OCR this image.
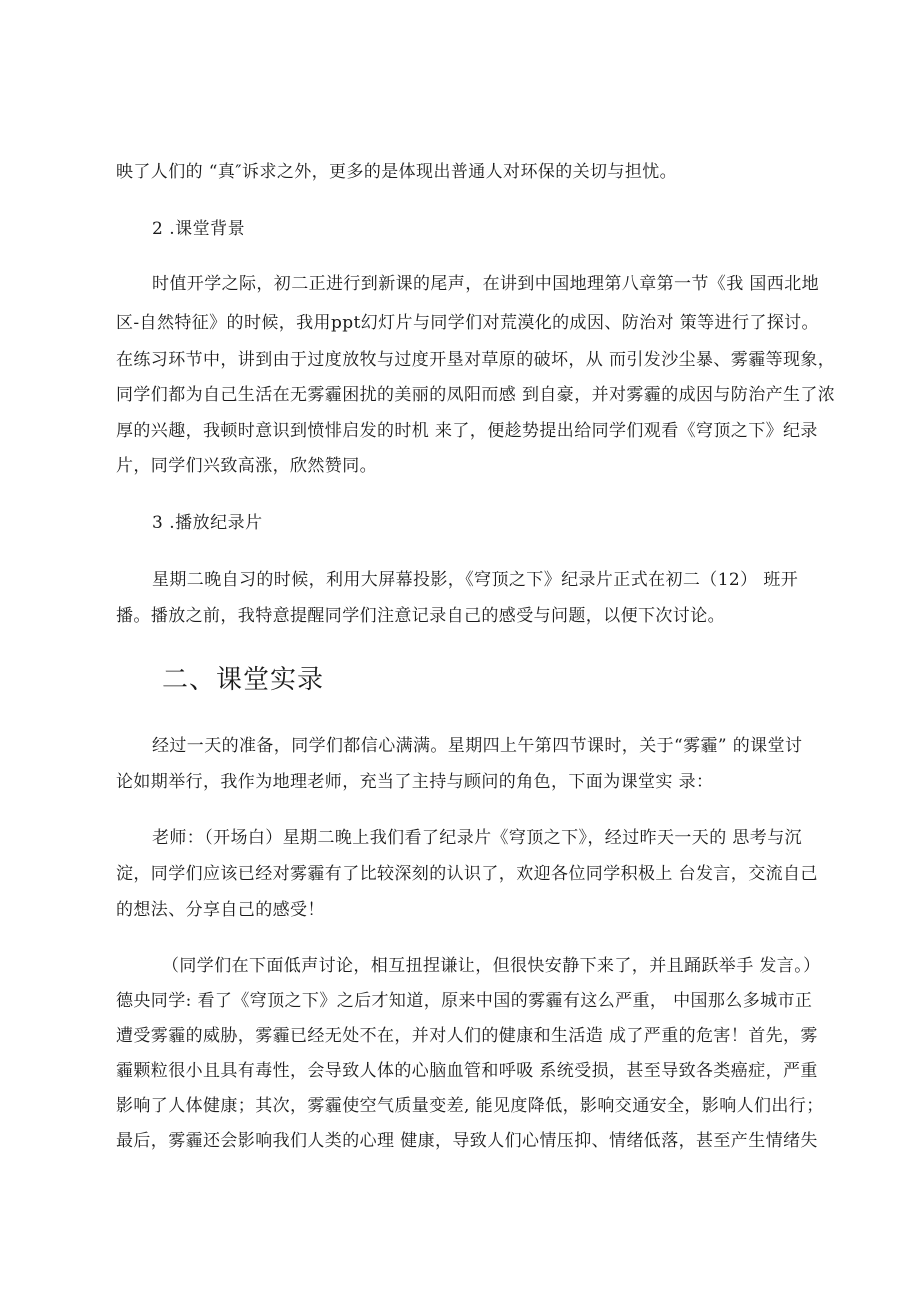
映了人们的 “真″诉求之外，更多的是体现出普通人对环保的关切与担忧。
2 .课堂背景
时值开学之际，初二正进行到新课的尾声，在讲到中国地理第八章第一节《我 国西北地
区-自然特征》的时候，我用ppt幻灯片与同学们对荒漠化的成因、防治对 策等进行了探讨。
在练习环节中，讲到由于过度放牧与过度开垦对草原的破坏，从 而引发沙尘暴、雾霾等现象，
同学们都为自己生活在无雾霾困扰的美丽的凤阳而感 到自豪，并对雾霾的成因与防治产生了浓
厚的兴趣，我顿时意识到愤悱启发的时机 来了，便趁势提出给同学们观看《穹顶之下》纪录
片，同学们兴致高涨，欣然赞同。
3 .播放纪录片
星期二晚自习的时候，利用大屏幕投影，《穹顶之下》纪录片正式在初二（12） 班开
播。播放之前，我特意提醒同学们注意记录自己的感受与问题，以便下次讨论。
二、课堂实录
经过一天的准备，同学们都信心满满。星期四上午第四节课时，关于“雾霾” 的课堂讨
论如期举行，我作为地理老师，充当了主持与顾问的角色，下面为课堂实 录：
老师：（开场白）星期二晚上我们看了纪录片《穹顶之下》，经过昨天一天的 思考与沉
淀，同学们应该已经对雾霾有了比较深刻的认识了，欢迎各位同学积极上 台发言，交流自己
的想法、分享自己的感受！
（同学们在下面低声讨论，相互扭捏谦让，但很快安静下来了，并且踊跃举手 发言。）
德央同学: 看了《穹顶之下》之后才知道，原来中国的雾霾有这么严重， 中国那么多城市正
遭受雾霾的威胁，雾霾已经无处不在，并对人们的健康和生活造 成了严重的危害！首先，雾
霾颗粒很小且具有毒性，会导致人体的心脑血管和呼吸 系统受损，甚至导致各类癌症，严重
影响了人体健康；其次，雾霾使空气质量变差, 能见度降低，影响交通安全，影响人们出行；
最后，雾霾还会影响我们人类的心理 健康，导致人们心情压抑、情绪低落，甚至产生情绪失
